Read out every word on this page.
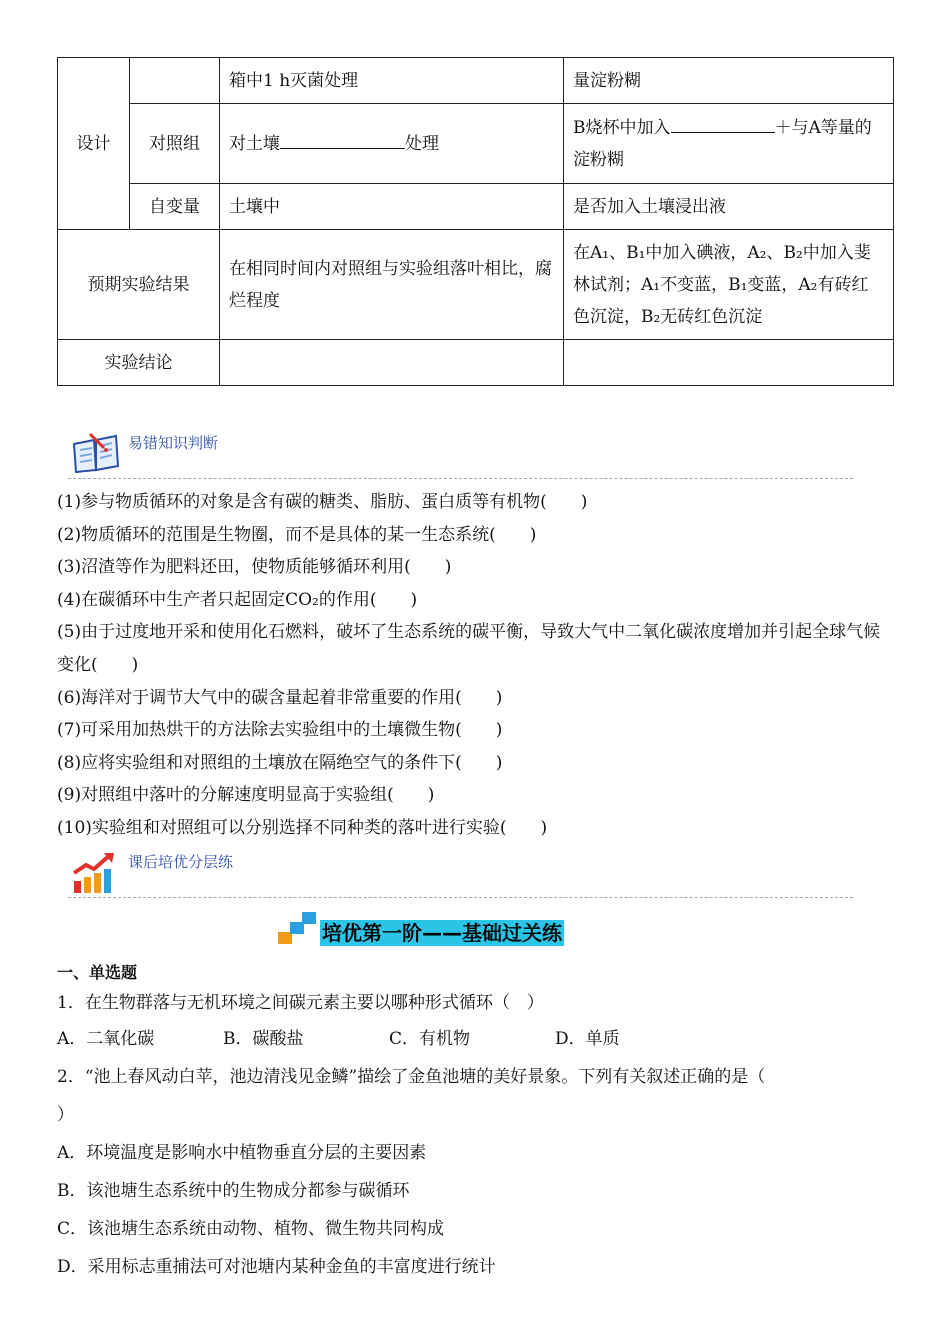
设计		箱中1 h灭菌处理	量淀粉糊
	对照组	对土壤 处理	B烧杯中加入 ＋与A等量的淀粉糊
	自变量	土壤中	是否加入土壤浸出液
预期实验结果		在相同时间内对照组与实验组落叶相比，腐烂程度	在A₁、B₁中加入碘液，A₂、B₂中加入斐林试剂；A₁不变蓝，B₁变蓝，A₂有砖红色沉淀，B₂无砖红色沉淀
实验结论			
易错知识判断
(1)参与物质循环的对象是含有碳的糖类、脂肪、蛋白质等有机物(　　)
(2)物质循环的范围是生物圈，而不是具体的某一生态系统(　　)
(3)沼渣等作为肥料还田，使物质能够循环利用(　　)
(4)在碳循环中生产者只起固定CO₂的作用(　　)
(5)由于过度地开采和使用化石燃料，破坏了生态系统的碳平衡，导致大气中二氧化碳浓度增加并引起全球气候变化(　　)
(6)海洋对于调节大气中的碳含量起着非常重要的作用(　　)
(7)可采用加热烘干的方法除去实验组中的土壤微生物(　　)
(8)应将实验组和对照组的土壤放在隔绝空气的条件下(　　)
(9)对照组中落叶的分解速度明显高于实验组(　　)
(10)实验组和对照组可以分别选择不同种类的落叶进行实验(　　)
课后培优分层练
培优第一阶——基础过关练
一、单选题
1．在生物群落与无机环境之间碳元素主要以哪种形式循环（　）
A．二氧化碳	B．碳酸盐	C．有机物	D．单质
2．“池上春风动白苹，池边清浅见金鳞”描绘了金鱼池塘的美好景象。下列有关叙述正确的是（
）
A．环境温度是影响水中植物垂直分层的主要因素
B．该池塘生态系统中的生物成分都参与碳循环
C．该池塘生态系统由动物、植物、微生物共同构成
D．采用标志重捕法可对池塘内某种金鱼的丰富度进行统计
